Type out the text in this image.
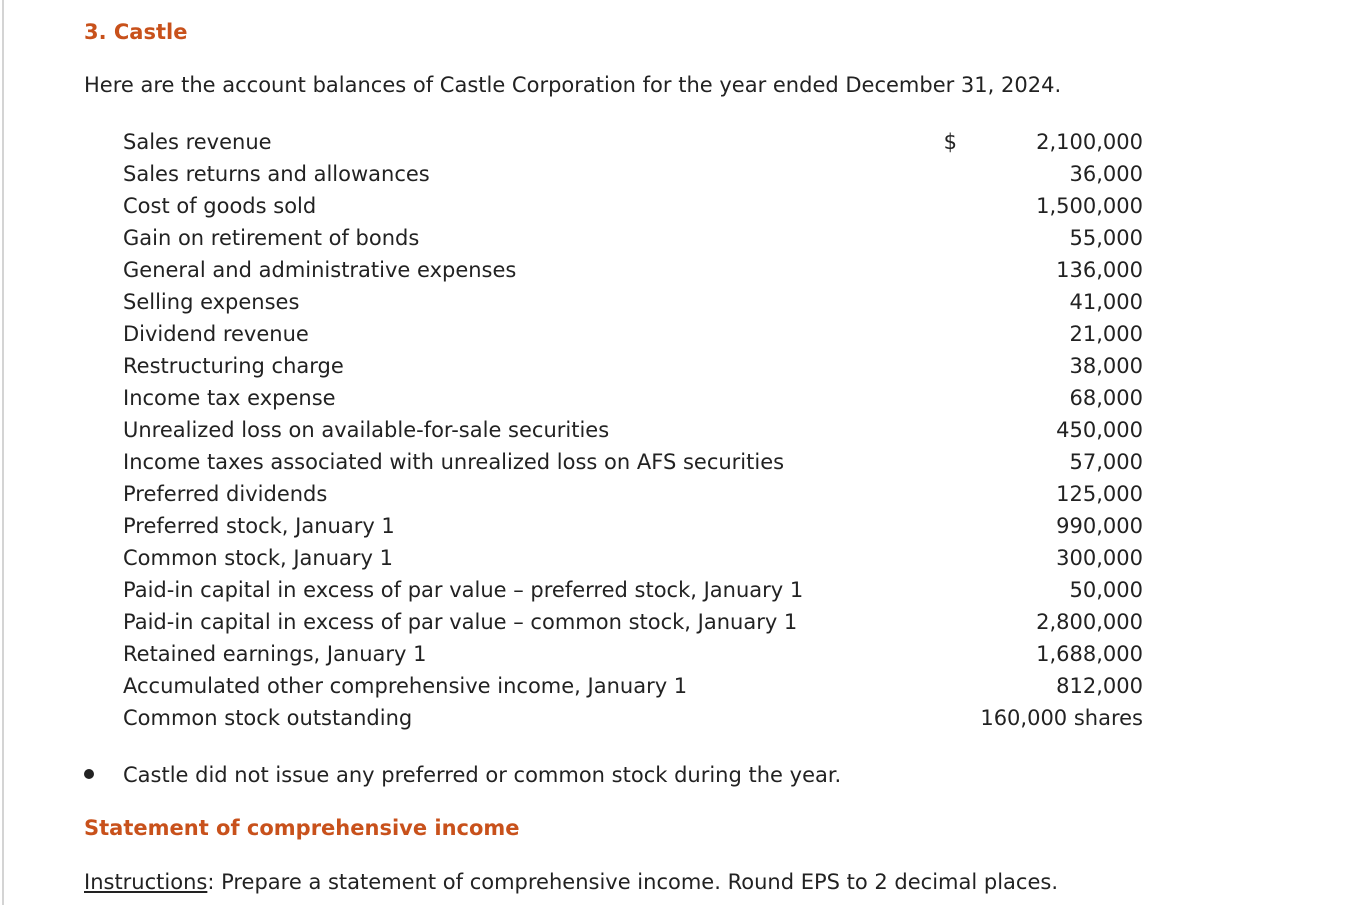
3. Castle

Here are the account balances of Castle Corporation for the year ended December 31, 2024.

Sales revenue	$	2,100,000
Sales returns and allowances		36,000
Cost of goods sold		1,500,000
Gain on retirement of bonds		55,000
General and administrative expenses		136,000
Selling expenses		41,000
Dividend revenue		21,000
Restructuring charge		38,000
Income tax expense		68,000
Unrealized loss on available-for-sale securities		450,000
Income taxes associated with unrealized loss on AFS securities		57,000
Preferred dividends		125,000
Preferred stock, January 1		990,000
Common stock, January 1		300,000
Paid-in capital in excess of par value – preferred stock, January 1		50,000
Paid-in capital in excess of par value – common stock, January 1		2,800,000
Retained earnings, January 1		1,688,000
Accumulated other comprehensive income, January 1		812,000
Common stock outstanding		160,000 shares
Castle did not issue any preferred or common stock during the year.
Statement of comprehensive income

Instructions: Prepare a statement of comprehensive income. Round EPS to 2 decimal places.
